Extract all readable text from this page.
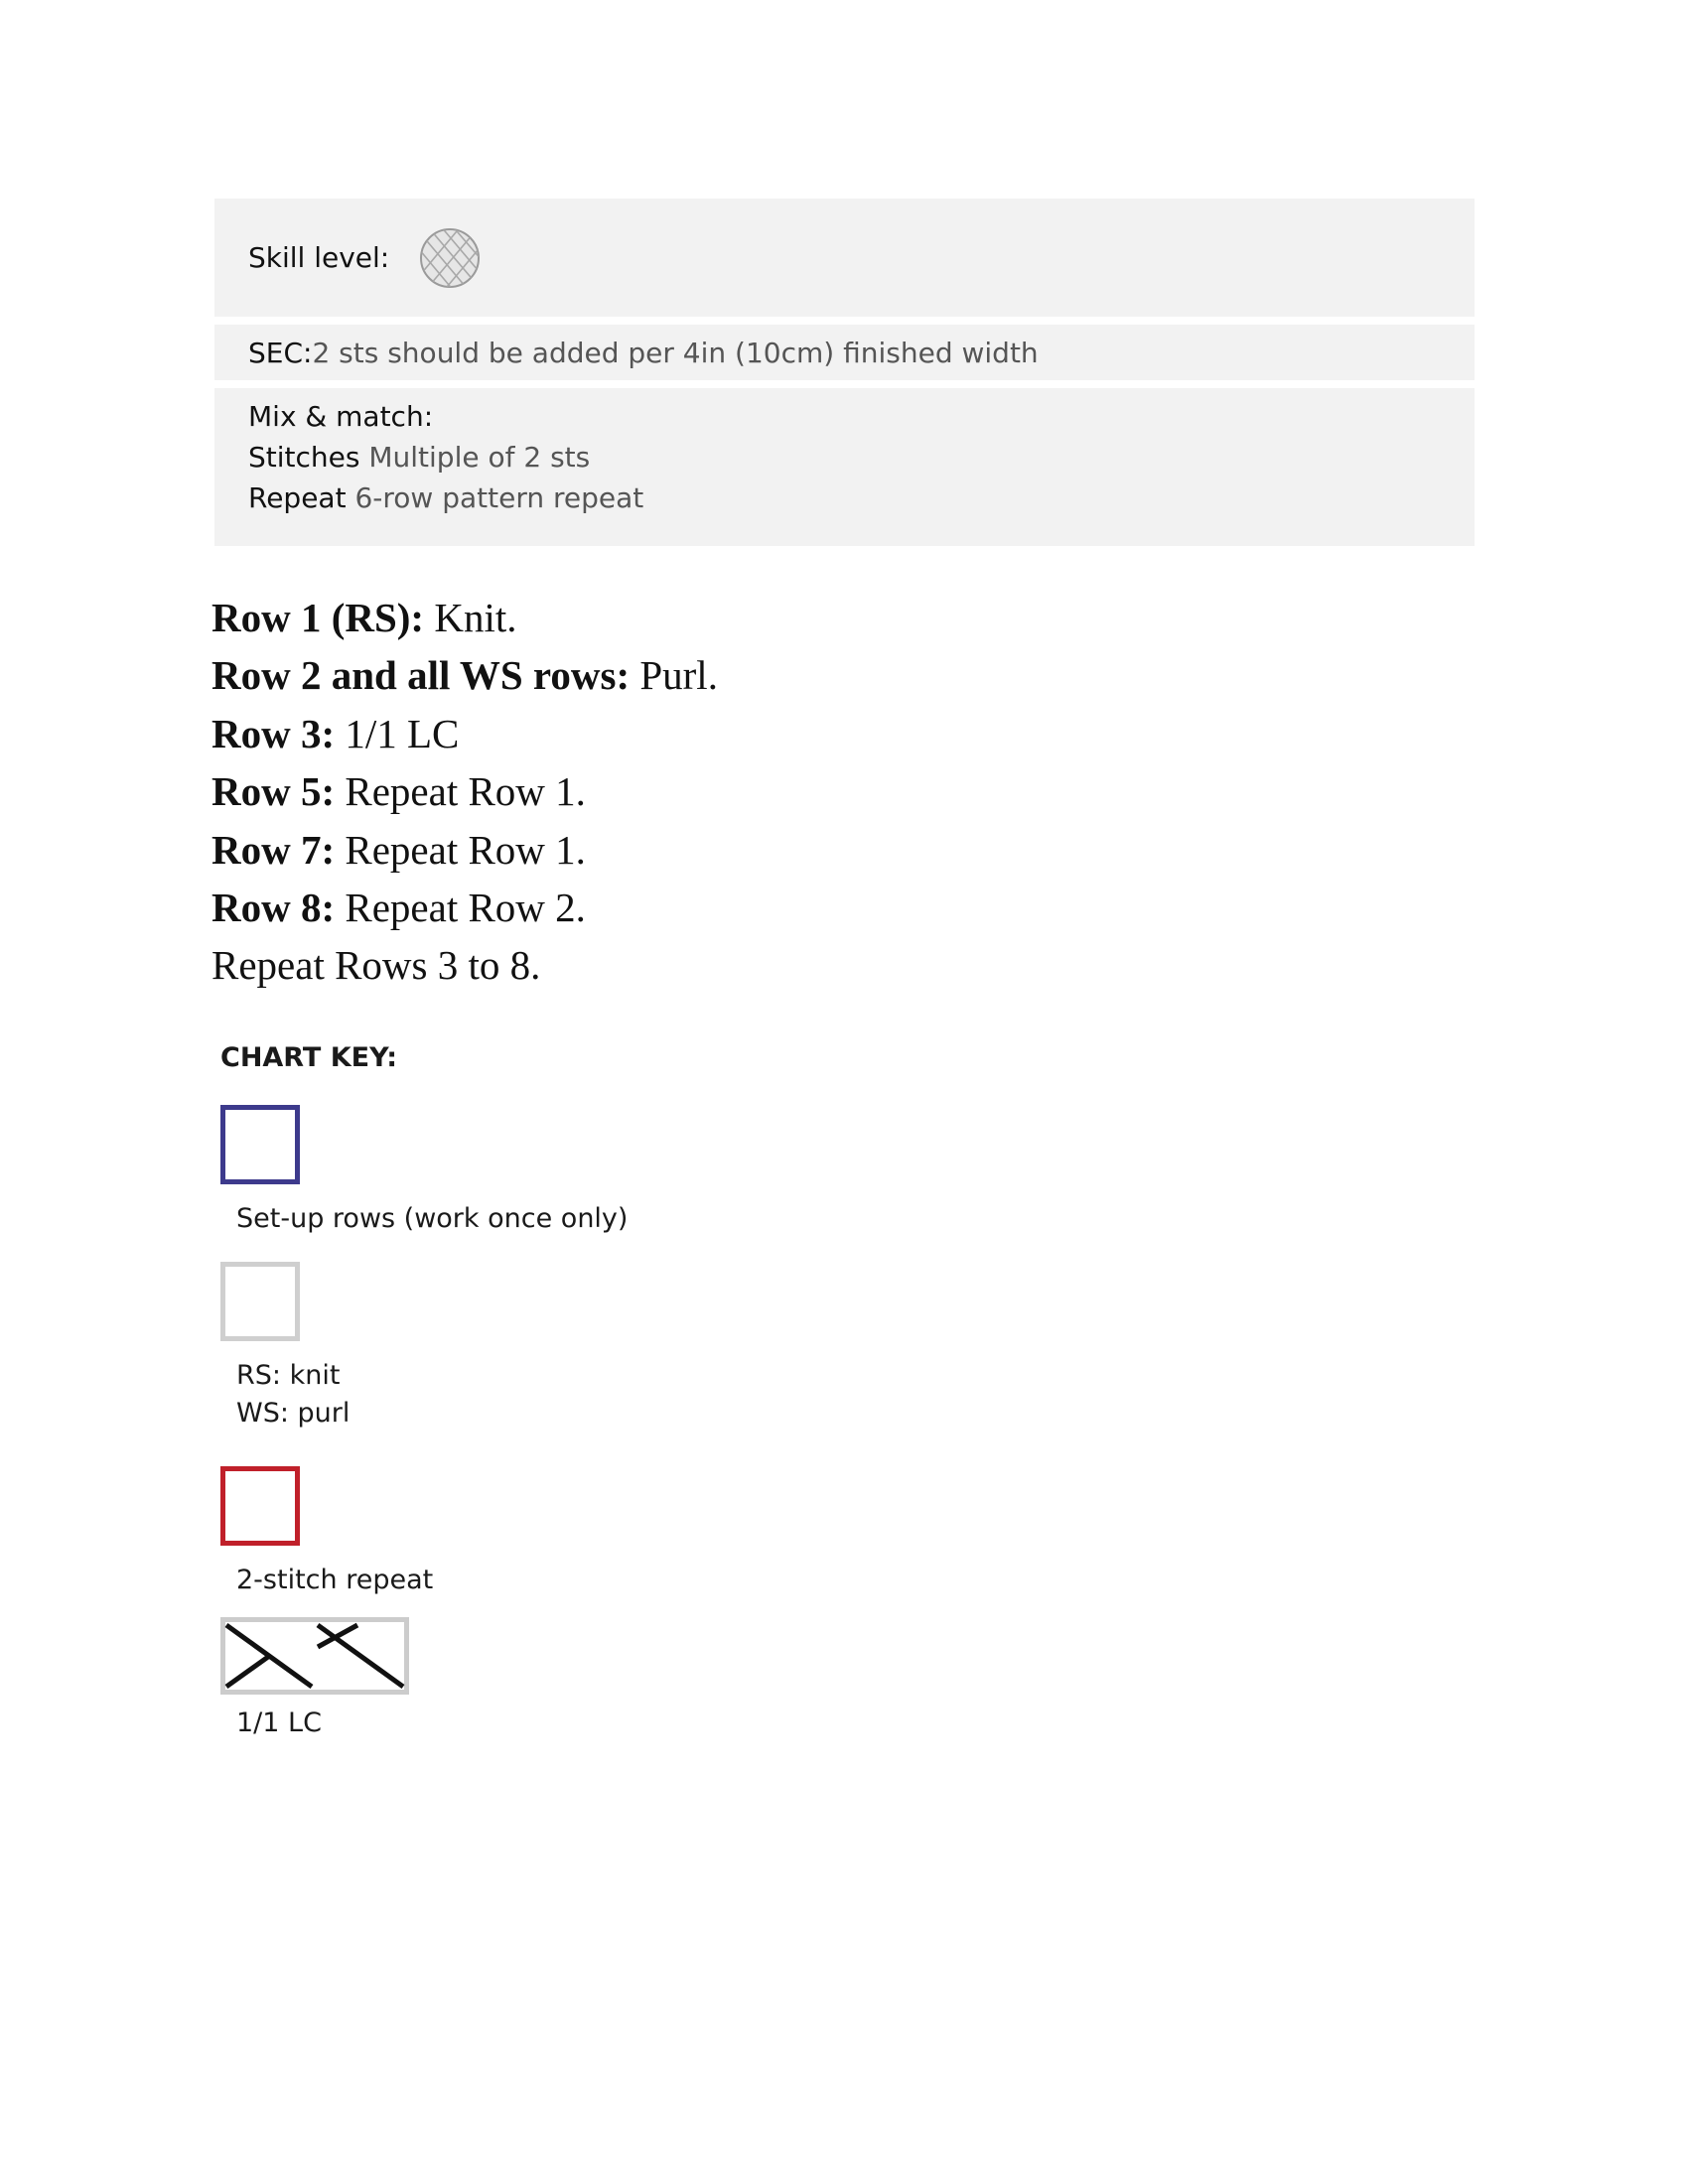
Skill level:
SEC: 2 sts should be added per 4in (10cm) finished width
Mix & match:
Stitches Multiple of 2 sts
Repeat 6-row pattern repeat
Row 1 (RS): Knit.
Row 2 and all WS rows: Purl.
Row 3: 1/1 LC
Row 5: Repeat Row 1.
Row 7: Repeat Row 1.
Row 8: Repeat Row 2.
Repeat Rows 3 to 8.
CHART KEY:
Set-up rows (work once only)
RS: knit
WS: purl
2-stitch repeat
1/1 LC
